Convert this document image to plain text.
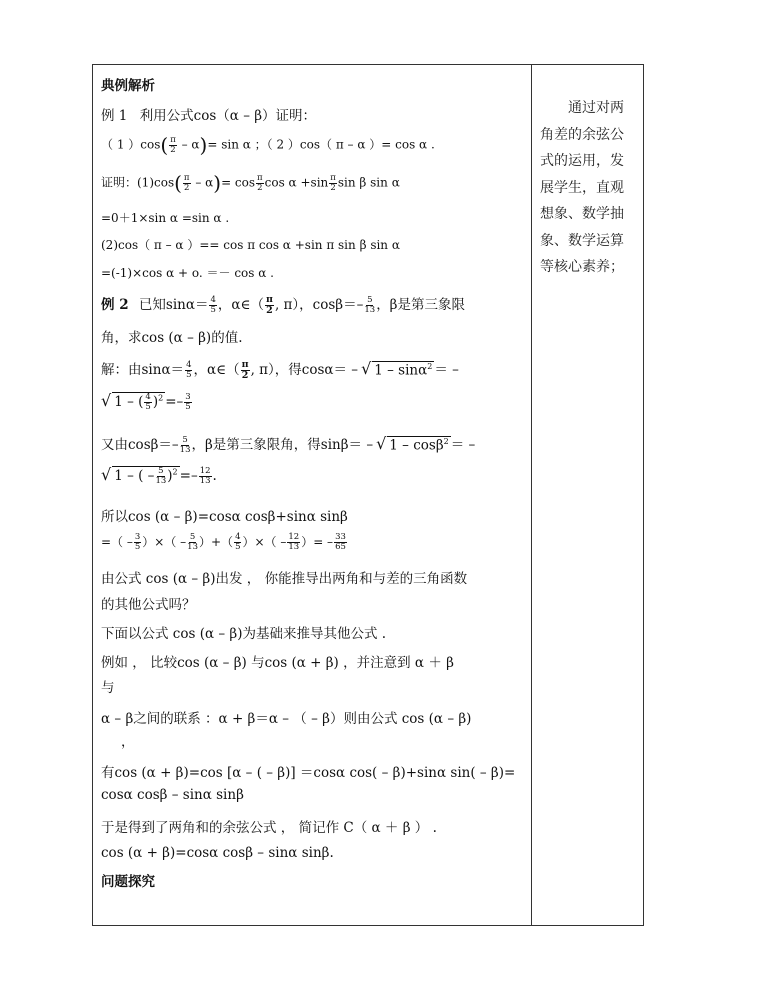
典例解析
例 1 利用公式cos（α – β）证明：
（ 1 ）$\cos( \frac{\pi}{2} - \alpha)= \sin \alpha$ ；（ 2 ）cos（ π – α ）= cos α .
证明：$(1)\cos( \frac{\pi}{2} - \alpha)= \cos \frac{\pi}{2}$ $\cos \alpha +\sin \frac{\pi}{2}$ sin β sin α
=0＋1×sin α =sin α .
(2)cos（ π – α ）== cos π cos α +sin π sin β sin α
=(-1)×cos α + o. ＝－ cos α .
例 2 已知$\sin\alpha= \frac{4}{5}$ ，α∈（ $\frac{\pi}{2}$ , π），$\cos\beta=- \frac{5}{13}$ ，β是第三象限
角，求cos (α – β)的值.
解：由$\sin\alpha= \frac{4}{5}$ ，α∈（ $\frac{\pi}{2}$ , π），得cosα＝ – √ 1 – sinα$^2$ ＝ –
√ 1 – ( $\frac{4}{5} )^2 =- \frac{3}{5}$
又由$\cos\beta=- \frac{5}{13}$ ，β是第三象限角，得sinβ＝ – √ 1 – cosβ$^2$ ＝ –
√ 1 – ( – $\frac{5}{13} )^2 =- \frac{12}{13}$ .
所以cos (α – β)=cosα cosβ+sinα sinβ
=（ – $\frac{3}{5}$ ）×（ – $\frac{5}{13}$ ）+（ $\frac{4}{5}$ ）×（ – $\frac{12}{13}$ ）= – $\frac{33}{65}$
由公式 cos (α – β)出发 ， 你能推导出两角和与差的三角函数
的其他公式吗？
下面以公式 cos (α – β)为基础来推导其他公式 .
例如 ， 比较cos (α – β) 与cos (α + β) ，并注意到 α ＋ β
与
α – β之间的联系 ：α + β＝α – （ – β）则由公式 cos (α – β)
，
有cos (α + β)=cos [α – ( – β)] ＝cosα cos( – β)+sinα sin( – β)=
cosα cosβ – sinα sinβ
于是得到了两角和的余弦公式 ， 简记作 C（ α ＋ β ） .
cos (α + β)=cosα cosβ – sinα sinβ.
问题探究
通过对两角差的余弦公式的运用，发展学生，直观想象、数学抽象、数学运算等核心素养；
